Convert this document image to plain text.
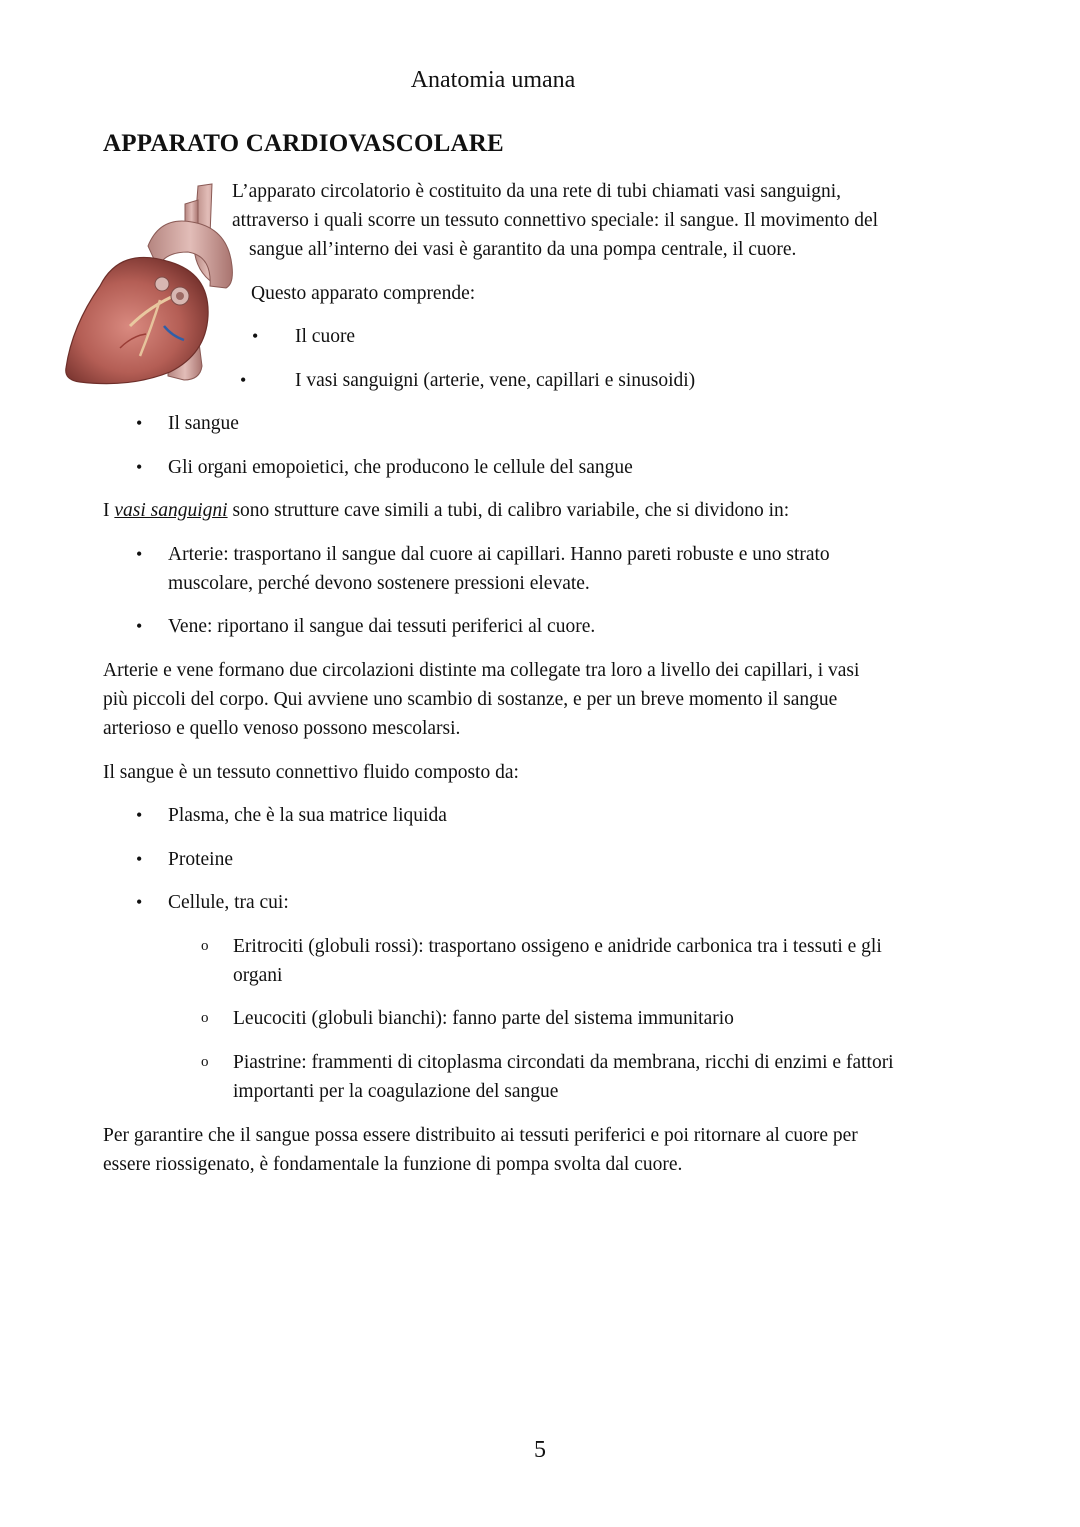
Anatomia umana
APPARATO CARDIOVASCOLARE
L’apparato circolatorio è costituito da una rete di tubi chiamati vasi sanguigni,
attraverso i quali scorre un tessuto connettivo speciale: il sangue. Il movimento del
sangue all’interno dei vasi è garantito da una pompa centrale, il cuore.
Questo apparato comprende:
• Il cuore
• I vasi sanguigni (arterie, vene, capillari e sinusoidi)
• Il sangue
• Gli organi emopoietici, che producono le cellule del sangue
I vasi sanguigni sono strutture cave simili a tubi, di calibro variabile, che si dividono in:
• Arterie: trasportano il sangue dal cuore ai capillari. Hanno pareti robuste e uno strato
muscolare, perché devono sostenere pressioni elevate.
• Vene: riportano il sangue dai tessuti periferici al cuore.
Arterie e vene formano due circolazioni distinte ma collegate tra loro a livello dei capillari, i vasi
più piccoli del corpo. Qui avviene uno scambio di sostanze, e per un breve momento il sangue
arterioso e quello venoso possono mescolarsi.
Il sangue è un tessuto connettivo fluido composto da:
• Plasma, che è la sua matrice liquida
• Proteine
• Cellule, tra cui:
o Eritrociti (globuli rossi): trasportano ossigeno e anidride carbonica tra i tessuti e gli
organi
o Leucociti (globuli bianchi): fanno parte del sistema immunitario
o Piastrine: frammenti di citoplasma circondati da membrana, ricchi di enzimi e fattori
importanti per la coagulazione del sangue
Per garantire che il sangue possa essere distribuito ai tessuti periferici e poi ritornare al cuore per
essere riossigenato, è fondamentale la funzione di pompa svolta dal cuore.
5
